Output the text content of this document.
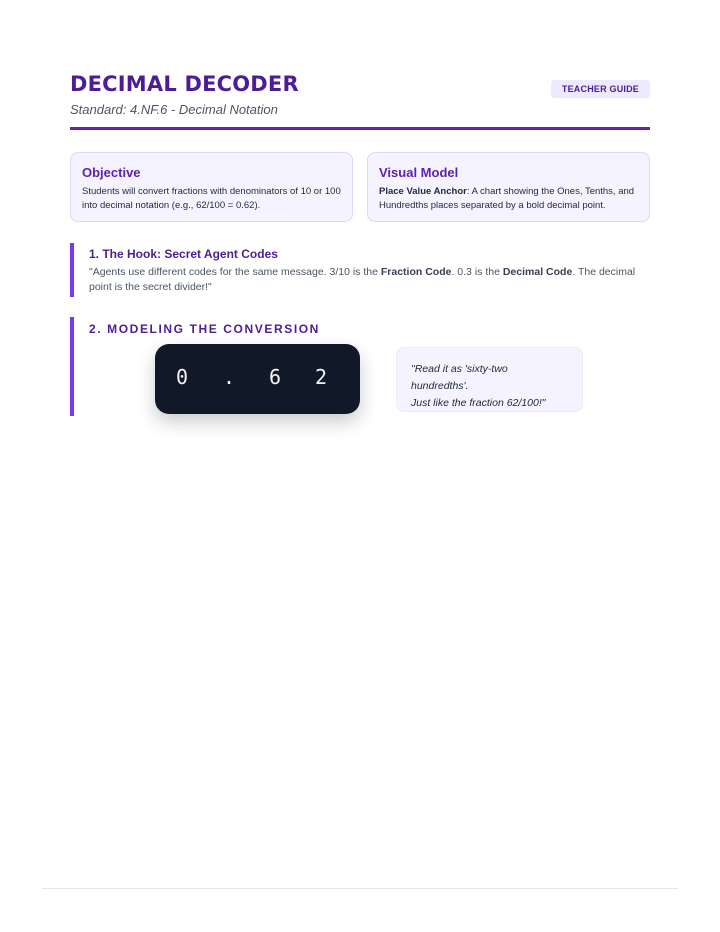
DECIMAL DECODER
Standard: 4.NF.6 - Decimal Notation
TEACHER GUIDE
Objective

Students will convert fractions with denominators of 10 or 100 into decimal notation (e.g., 62/100 = 0.62).

Visual Model

Place Value Anchor: A chart showing the Ones, Tenths, and Hundredths places separated by a bold decimal point.

1. The Hook: Secret Agent Codes

"Agents use different codes for the same message. 3/10 is the Fraction Code. 0.3 is the Decimal Code. The decimal point is the secret divider!"

2. MODELING THE CONVERSION
0 . 6 2	"Read it as 'sixty-two hundredths'.
Just like the fraction 62/100!"
